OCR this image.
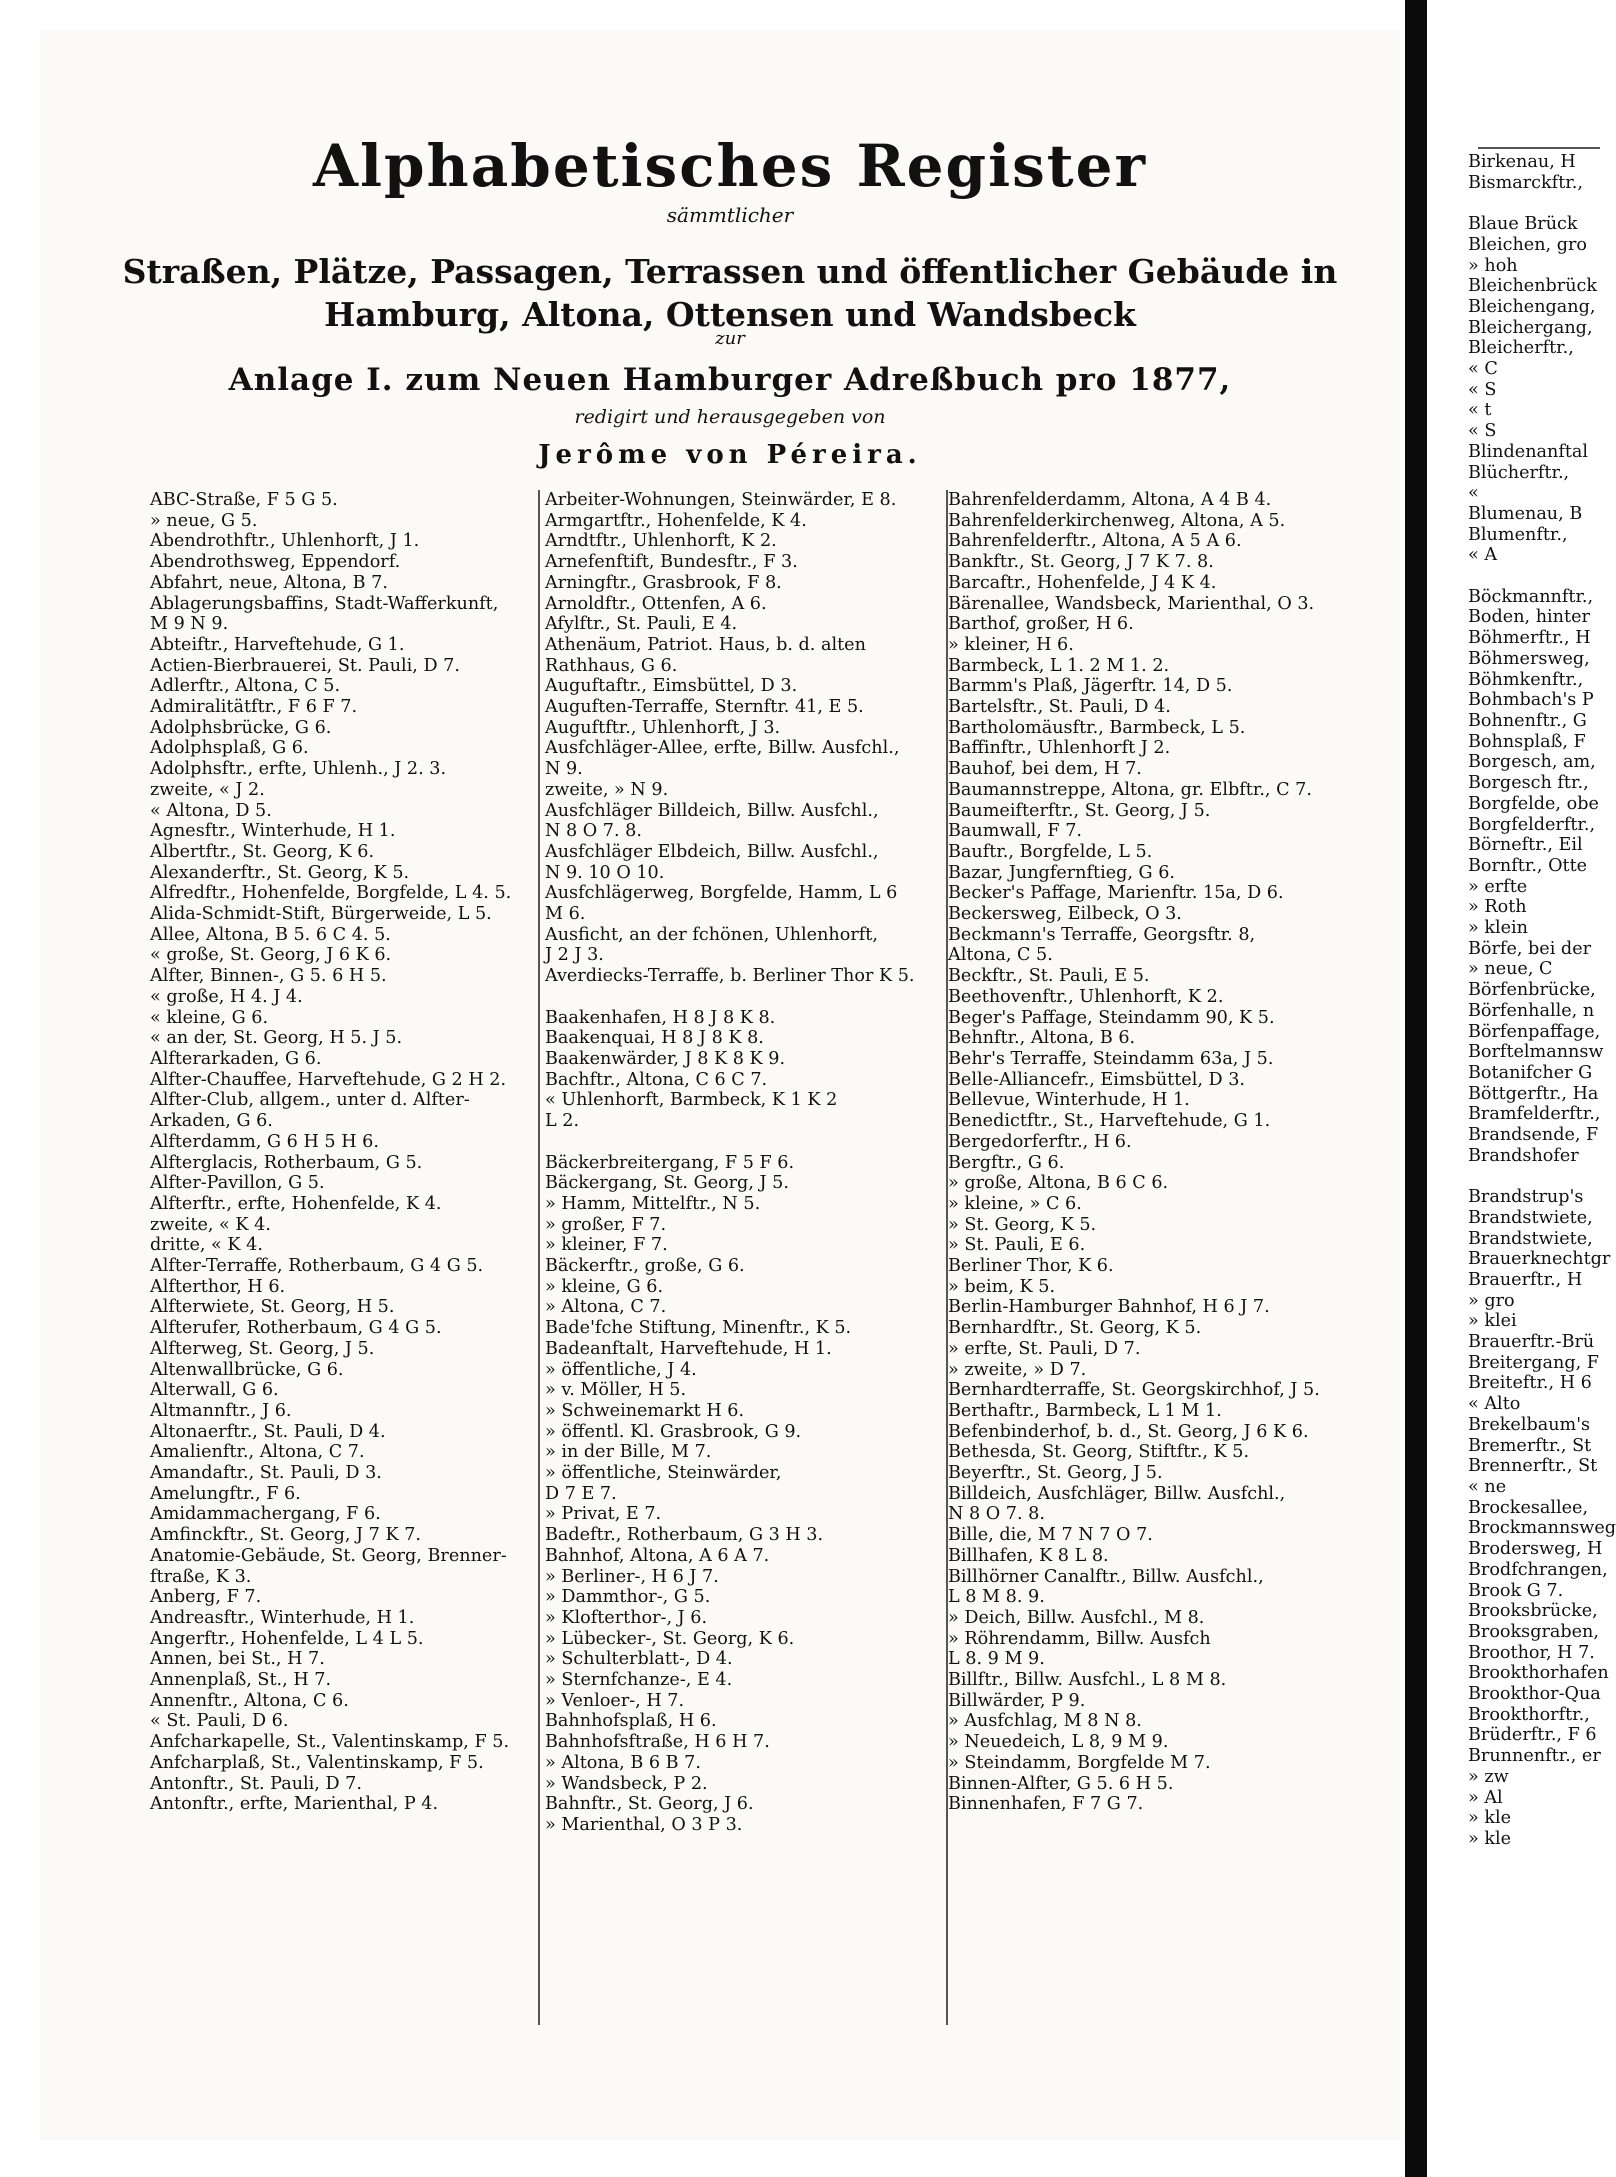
Alphabetisches Register
sämmtlicher
Straßen, Plätze, Passagen, Terrassen und öffentlicher Gebäude in
Hamburg, Altona, Ottensen und Wandsbeck
zur
Anlage I. zum Neuen Hamburger Adreßbuch pro 1877,
redigirt und herausgegeben von
Jerôme von Péreira.
ABC-Straße, F 5 G 5.
» neue, G 5.
Abendrothftr., Uhlenhorft, J 1.
Abendrothsweg, Eppendorf.
Abfahrt, neue, Altona, B 7.
Ablagerungsbaffins, Stadt-Wafferkunft,
M 9 N 9.
Abteiftr., Harveftehude, G 1.
Actien-Bierbrauerei, St. Pauli, D 7.
Adlerftr., Altona, C 5.
Admiralitätftr., F 6 F 7.
Adolphsbrücke, G 6.
Adolphsplaß, G 6.
Adolphsftr., erfte, Uhlenh., J 2. 3.
zweite, « J 2.
« Altona, D 5.
Agnesftr., Winterhude, H 1.
Albertftr., St. Georg, K 6.
Alexanderftr., St. Georg, K 5.
Alfredftr., Hohenfelde, Borgfelde, L 4. 5.
Alida-Schmidt-Stift, Bürgerweide, L 5.
Allee, Altona, B 5. 6 C 4. 5.
« große, St. Georg, J 6 K 6.
Alfter, Binnen-, G 5. 6 H 5.
« große, H 4. J 4.
« kleine, G 6.
« an der, St. Georg, H 5. J 5.
Alfterarkaden, G 6.
Alfter-Chauffee, Harveftehude, G 2 H 2.
Alfter-Club, allgem., unter d. Alfter-
Arkaden, G 6.
Alfterdamm, G 6 H 5 H 6.
Alfterglacis, Rotherbaum, G 5.
Alfter-Pavillon, G 5.
Alfterftr., erfte, Hohenfelde, K 4.
zweite, « K 4.
dritte, « K 4.
Alfter-Terraffe, Rotherbaum, G 4 G 5.
Alfterthor, H 6.
Alfterwiete, St. Georg, H 5.
Alfterufer, Rotherbaum, G 4 G 5.
Alfterweg, St. Georg, J 5.
Altenwallbrücke, G 6.
Alterwall, G 6.
Altmannftr., J 6.
Altonaerftr., St. Pauli, D 4.
Amalienftr., Altona, C 7.
Amandaftr., St. Pauli, D 3.
Amelungftr., F 6.
Amidammachergang, F 6.
Amfinckftr., St. Georg, J 7 K 7.
Anatomie-Gebäude, St. Georg, Brenner-
ftraße, K 3.
Anberg, F 7.
Andreasftr., Winterhude, H 1.
Angerftr., Hohenfelde, L 4 L 5.
Annen, bei St., H 7.
Annenplaß, St., H 7.
Annenftr., Altona, C 6.
« St. Pauli, D 6.
Anfcharkapelle, St., Valentinskamp, F 5.
Anfcharplaß, St., Valentinskamp, F 5.
Antonftr., St. Pauli, D 7.
Antonftr., erfte, Marienthal, P 4.
Arbeiter-Wohnungen, Steinwärder, E 8.
Armgartftr., Hohenfelde, K 4.
Arndtftr., Uhlenhorft, K 2.
Arnefenftift, Bundesftr., F 3.
Arningftr., Grasbrook, F 8.
Arnoldftr., Ottenfen, A 6.
Afylftr., St. Pauli, E 4.
Athenäum, Patriot. Haus, b. d. alten
Rathhaus, G 6.
Auguftaftr., Eimsbüttel, D 3.
Auguften-Terraffe, Sternftr. 41, E 5.
Auguftftr., Uhlenhorft, J 3.
Ausfchläger-Allee, erfte, Billw. Ausfchl.,
N 9.
zweite, » N 9.
Ausfchläger Billdeich, Billw. Ausfchl.,
N 8 O 7. 8.
Ausfchläger Elbdeich, Billw. Ausfchl.,
N 9. 10 O 10.
Ausfchlägerweg, Borgfelde, Hamm, L 6
M 6.
Ausficht, an der fchönen, Uhlenhorft,
J 2 J 3.
Averdiecks-Terraffe, b. Berliner Thor K 5.

Baakenhafen, H 8 J 8 K 8.
Baakenquai, H 8 J 8 K 8.
Baakenwärder, J 8 K 8 K 9.
Bachftr., Altona, C 6 C 7.
« Uhlenhorft, Barmbeck, K 1 K 2
L 2.

Bäckerbreitergang, F 5 F 6.
Bäckergang, St. Georg, J 5.
» Hamm, Mittelftr., N 5.
» großer, F 7.
» kleiner, F 7.
Bäckerftr., große, G 6.
» kleine, G 6.
» Altona, C 7.
Bade'fche Stiftung, Minenftr., K 5.
Badeanftalt, Harveftehude, H 1.
» öffentliche, J 4.
» v. Möller, H 5.
» Schweinemarkt H 6.
» öffentl. Kl. Grasbrook, G 9.
» in der Bille, M 7.
» öffentliche, Steinwärder,
D 7 E 7.
» Privat, E 7.
Badeftr., Rotherbaum, G 3 H 3.
Bahnhof, Altona, A 6 A 7.
» Berliner-, H 6 J 7.
» Dammthor-, G 5.
» Klofterthor-, J 6.
» Lübecker-, St. Georg, K 6.
» Schulterblatt-, D 4.
» Sternfchanze-, E 4.
» Venloer-, H 7.
Bahnhofsplaß, H 6.
Bahnhofsftraße, H 6 H 7.
» Altona, B 6 B 7.
» Wandsbeck, P 2.
Bahnftr., St. Georg, J 6.
» Marienthal, O 3 P 3.
Bahrenfelderdamm, Altona, A 4 B 4.
Bahrenfelderkirchenweg, Altona, A 5.
Bahrenfelderftr., Altona, A 5 A 6.
Bankftr., St. Georg, J 7 K 7. 8.
Barcaftr., Hohenfelde, J 4 K 4.
Bärenallee, Wandsbeck, Marienthal, O 3.
Barthof, großer, H 6.
» kleiner, H 6.
Barmbeck, L 1. 2 M 1. 2.
Barmm's Plaß, Jägerftr. 14, D 5.
Bartelsftr., St. Pauli, D 4.
Bartholomäusftr., Barmbeck, L 5.
Baffinftr., Uhlenhorft J 2.
Bauhof, bei dem, H 7.
Baumannstreppe, Altona, gr. Elbftr., C 7.
Baumeifterftr., St. Georg, J 5.
Baumwall, F 7.
Bauftr., Borgfelde, L 5.
Bazar, Jungfernftieg, G 6.
Becker's Paffage, Marienftr. 15a, D 6.
Beckersweg, Eilbeck, O 3.
Beckmann's Terraffe, Georgsftr. 8,
Altona, C 5.
Beckftr., St. Pauli, E 5.
Beethovenftr., Uhlenhorft, K 2.
Beger's Paffage, Steindamm 90, K 5.
Behnftr., Altona, B 6.
Behr's Terraffe, Steindamm 63a, J 5.
Belle-Alliancefr., Eimsbüttel, D 3.
Bellevue, Winterhude, H 1.
Benedictftr., St., Harveftehude, G 1.
Bergedorferftr., H 6.
Bergftr., G 6.
» große, Altona, B 6 C 6.
» kleine, » C 6.
» St. Georg, K 5.
» St. Pauli, E 6.
Berliner Thor, K 6.
» beim, K 5.
Berlin-Hamburger Bahnhof, H 6 J 7.
Bernhardftr., St. Georg, K 5.
» erfte, St. Pauli, D 7.
» zweite, » D 7.
Bernhardterraffe, St. Georgskirchhof, J 5.
Berthaftr., Barmbeck, L 1 M 1.
Befenbinderhof, b. d., St. Georg, J 6 K 6.
Bethesda, St. Georg, Stiftftr., K 5.
Beyerftr., St. Georg, J 5.
Billdeich, Ausfchläger, Billw. Ausfchl.,
N 8 O 7. 8.
Bille, die, M 7 N 7 O 7.
Billhafen, K 8 L 8.
Billhörner Canalftr., Billw. Ausfchl.,
L 8 M 8. 9.
» Deich, Billw. Ausfchl., M 8.
» Röhrendamm, Billw. Ausfch
L 8. 9 M 9.
Billftr., Billw. Ausfchl., L 8 M 8.
Billwärder, P 9.
» Ausfchlag, M 8 N 8.
» Neuedeich, L 8, 9 M 9.
» Steindamm, Borgfelde M 7.
Binnen-Alfter, G 5. 6 H 5.
Binnenhafen, F 7 G 7.
Birkenau, H
Bismarckftr.,

Blaue Brück
Bleichen, gro
» hoh
Bleichenbrück
Bleichengang,
Bleichergang,
Bleicherftr.,
« C
« S
« t
« S
Blindenanftal
Blücherftr.,
«
Blumenau, B
Blumenftr.,
« A

Böckmannftr.,
Boden, hinter
Böhmerftr., H
Böhmersweg,
Böhmkenftr.,
Bohmbach's P
Bohnenftr., G
Bohnsplaß, F
Borgesch, am,
Borgesch ftr.,
Borgfelde, obe
Borgfelderftr.,
Börneftr., Eil
Bornftr., Otte
» erfte
» Roth
» klein
Börfe, bei der
» neue, C
Börfenbrücke,
Börfenhalle, n
Börfenpaffage,
Borftelmannsw
Botanifcher G
Böttgerftr., Ha
Bramfelderftr.,
Brandsende, F
Brandshofer

Brandstrup's
Brandstwiete,
Brandstwiete,
Brauerknechtgr
Brauerftr., H
» gro
» klei
Brauerftr.-Brü
Breitergang, F
Breiteftr., H 6
« Alto
Brekelbaum's
Bremerftr., St
Brennerftr., St
« ne
Brockesallee,
Brockmannsweg
Brodersweg, H
Brodfchrangen,
Brook G 7.
Brooksbrücke,
Brooksgraben,
Broothor, H 7.
Brookthorhafen
Brookthor-Qua
Brookthorftr.,
Brüderftr., F 6
Brunnenftr., er
» zw
» Al
» kle
» kle
